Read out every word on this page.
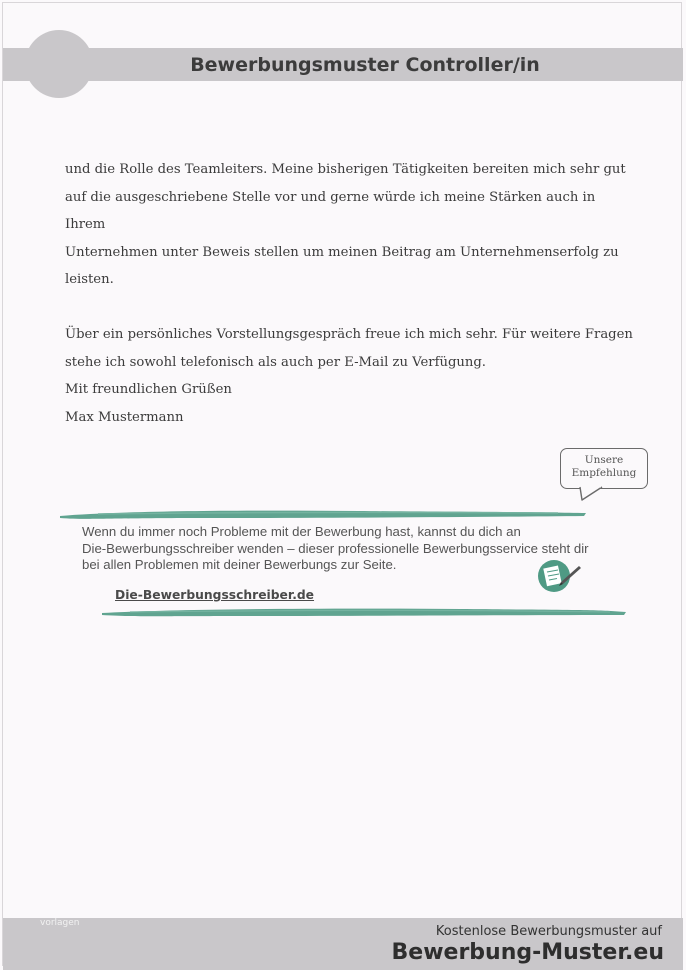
Bewerbungsmuster Controller/in

und die Rolle des Teamleiters. Meine bisherigen Tätigkeiten bereiten mich sehr gut

auf die ausgeschriebene Stelle vor und gerne würde ich meine Stärken auch in Ihrem

Unternehmen unter Beweis stellen um meinen Beitrag am Unternehmenserfolg zu

leisten.

Über ein persönliches Vorstellungsgespräch freue ich mich sehr. Für weitere Fragen

stehe ich sowohl telefonisch als auch per E-Mail zu Verfügung.

Mit freundlichen Grüßen

Max Mustermann

Unsere
Empfehlung
Wenn du immer noch Probleme mit der Bewerbung hast, kannst du dich an
Die-Bewerbungsschreiber wenden – dieser professionelle Bewerbungsservice steht dir
bei allen Problemen mit deiner Bewerbungs zur Seite.
Die-Bewerbungsschreiber.de
vorlagen
Kostenlose Bewerbungsmuster auf
Bewerbung-Muster.eu
